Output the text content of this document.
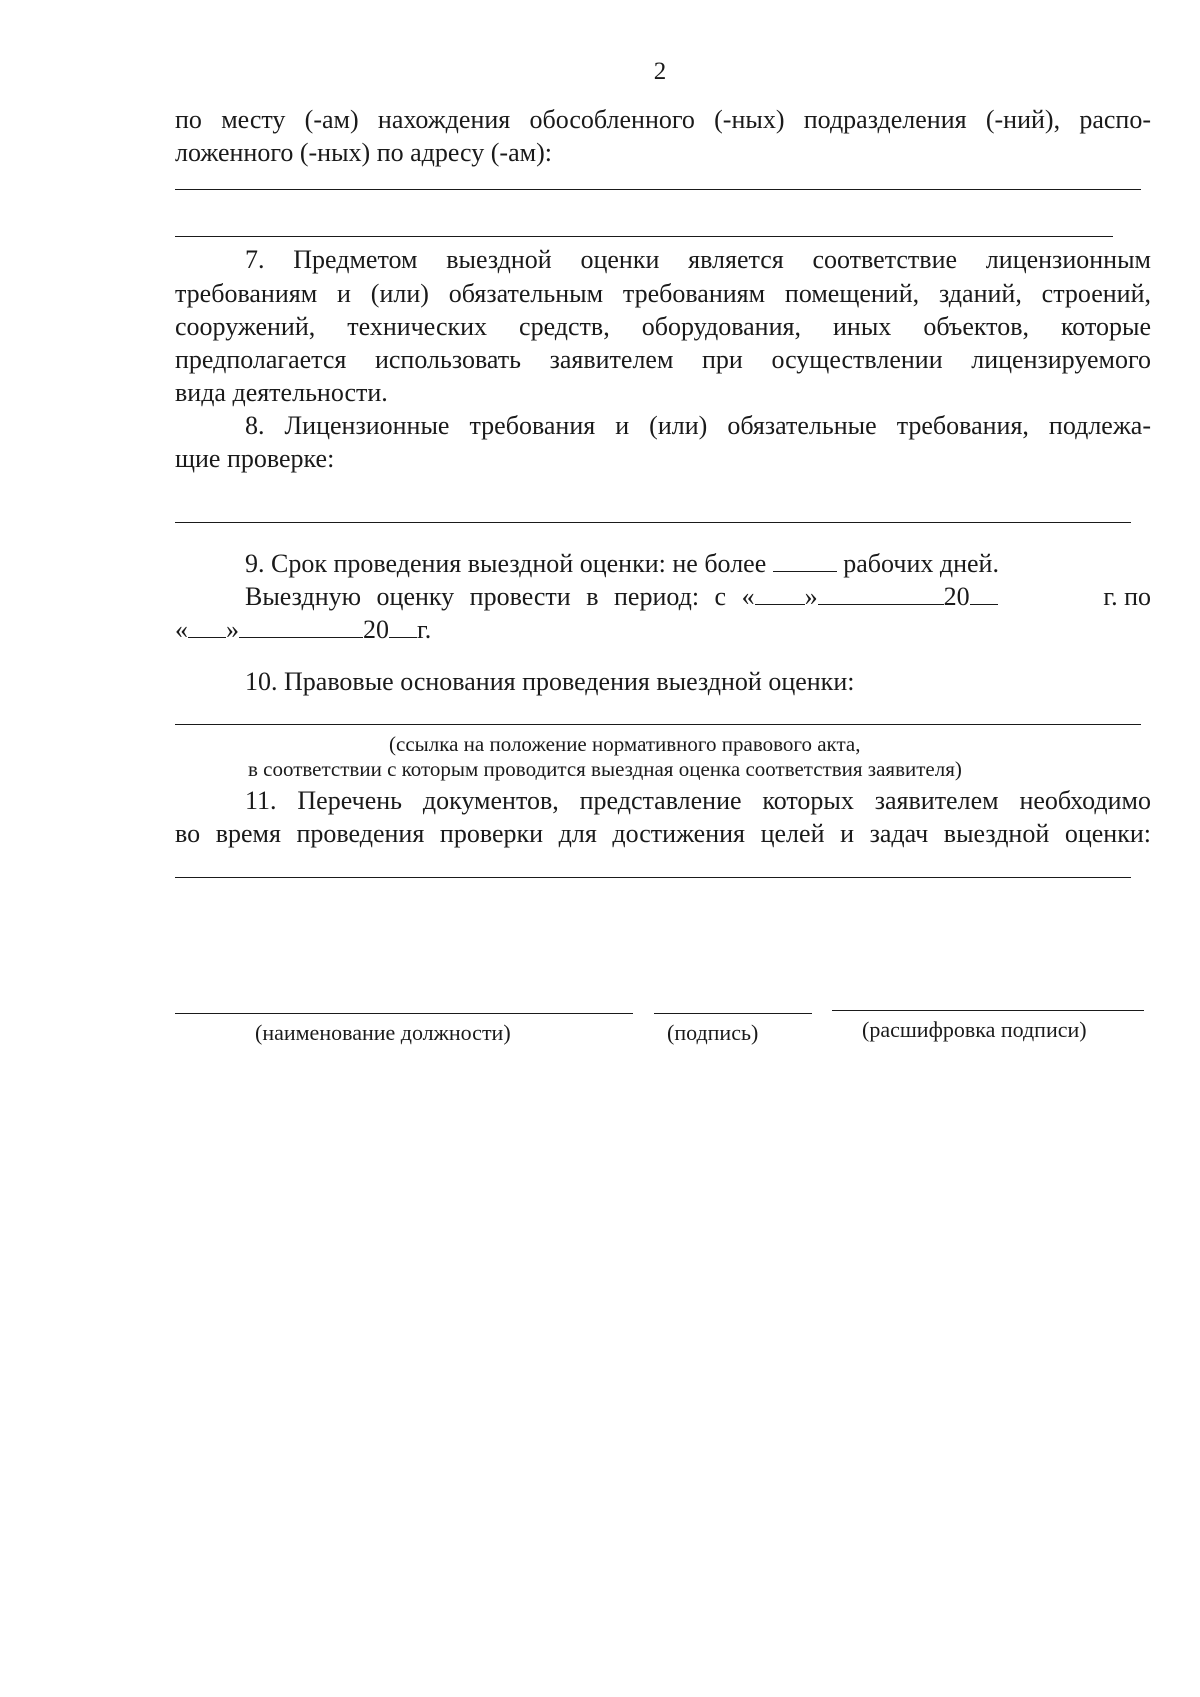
2
по месту (-ам) нахождения обособленного (-ных) подразделения (-ний), распо-
ложенного (-ных) по адресу (-ам):
7. Предметом выездной оценки является соответствие лицензионным
требованиям и (или) обязательным требованиям помещений, зданий, строений,
сооружений, технических средств, оборудования, иных объектов, которые
предполагается использовать заявителем при осуществлении лицензируемого
вида деятельности.
8. Лицензионные требования и (или) обязательные требования, подлежа-
щие проверке:
9. Срок проведения выездной оценки: не более	рабочих дней.
Выездную оценку провести в период: с « »	20	г. по
« »	20 г.
10. Правовые основания проведения выездной оценки:
(ссылка на положение нормативного правового акта,
в соответствии с которым проводится выездная оценка соответствия заявителя)
11. Перечень документов, представление которых заявителем необходимо
во время проведения проверки для достижения целей и задач выездной оценки:
(наименование должности)	(подпись)	(расшифровка подписи)
